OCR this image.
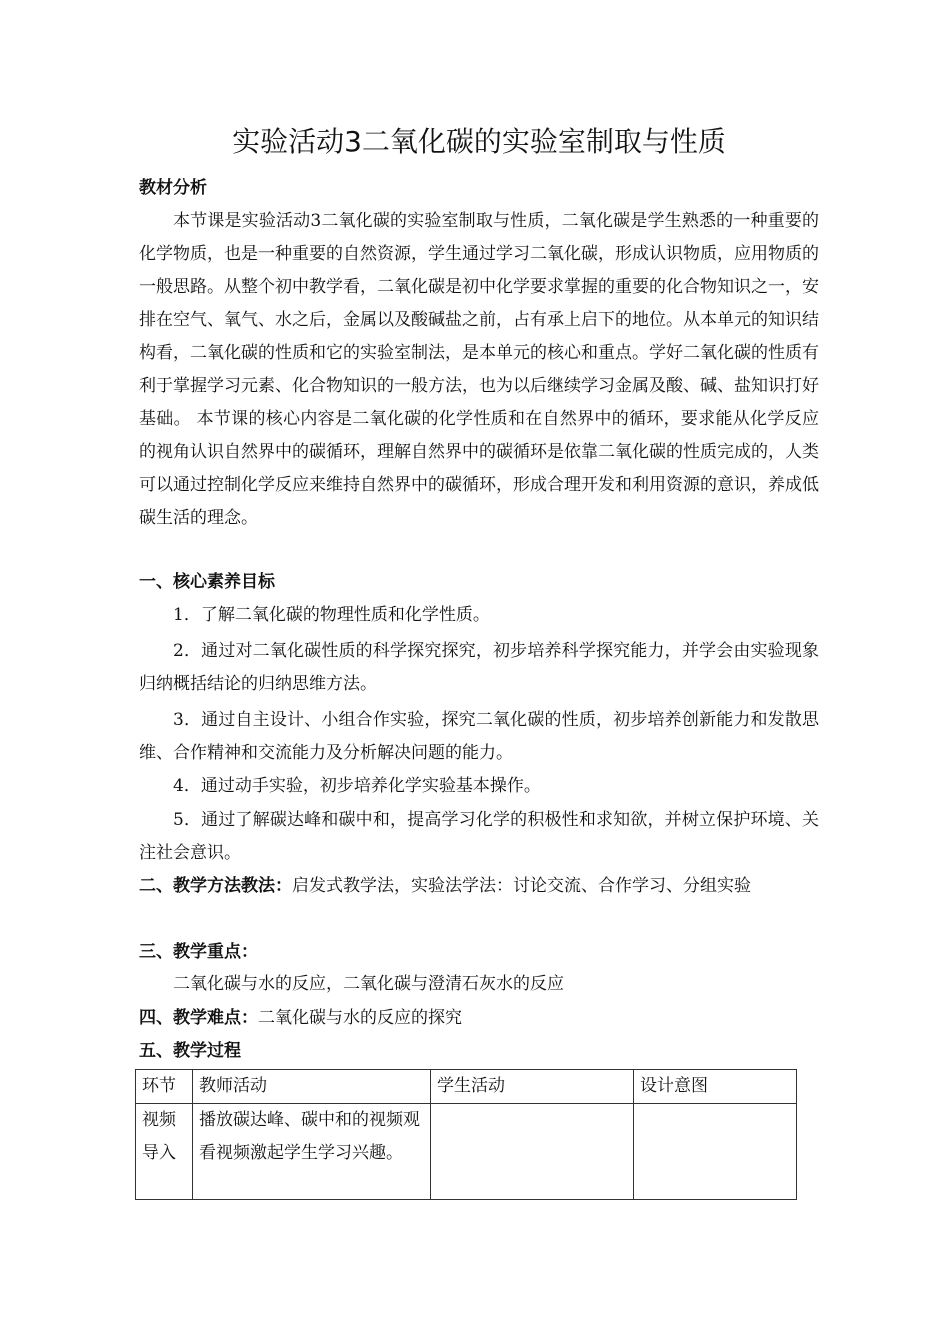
实验活动3二氧化碳的实验室制取与性质
教材分析
本节课是实验活动3二氧化碳的实验室制取与性质，二氧化碳是学生熟悉的一种重要的化学物质，也是一种重要的自然资源，学生通过学习二氧化碳，形成认识物质，应用物质的一般思路。从整个初中教学看，二氧化碳是初中化学要求掌握的重要的化合物知识之一，安排在空气、氧气、水之后，金属以及酸碱盐之前，占有承上启下的地位。从本单元的知识结构看，二氧化碳的性质和它的实验室制法，是本单元的核心和重点。学好二氧化碳的性质有利于掌握学习元素、化合物知识的一般方法，也为以后继续学习金属及酸、碱、盐知识打好基础。 本节课的核心内容是二氧化碳的化学性质和在自然界中的循环，要求能从化学反应的视角认识自然界中的碳循环，理解自然界中的碳循环是依靠二氧化碳的性质完成的，人类可以通过控制化学反应来维持自然界中的碳循环，形成合理开发和利用资源的意识，养成低碳生活的理念。
一、核心素养目标
1．了解二氧化碳的物理性质和化学性质。
2．通过对二氧化碳性质的科学探究探究，初步培养科学探究能力，并学会由实验现象归纳概括结论的归纳思维方法。
3．通过自主设计、小组合作实验，探究二氧化碳的性质，初步培养创新能力和发散思维、合作精神和交流能力及分析解决问题的能力。
4．通过动手实验，初步培养化学实验基本操作。
5．通过了解碳达峰和碳中和，提高学习化学的积极性和求知欲，并树立保护环境、关注社会意识。
二、教学方法教法：启发式教学法，实验法学法：讨论交流、合作学习、分组实验
三、教学重点：
二氧化碳与水的反应，二氧化碳与澄清石灰水的反应
四、教学难点：二氧化碳与水的反应的探究
五、教学过程
环节	教师活动	学生活动	设计意图
视频导入	播放碳达峰、碳中和的视频观看视频激起学生学习兴趣。		
